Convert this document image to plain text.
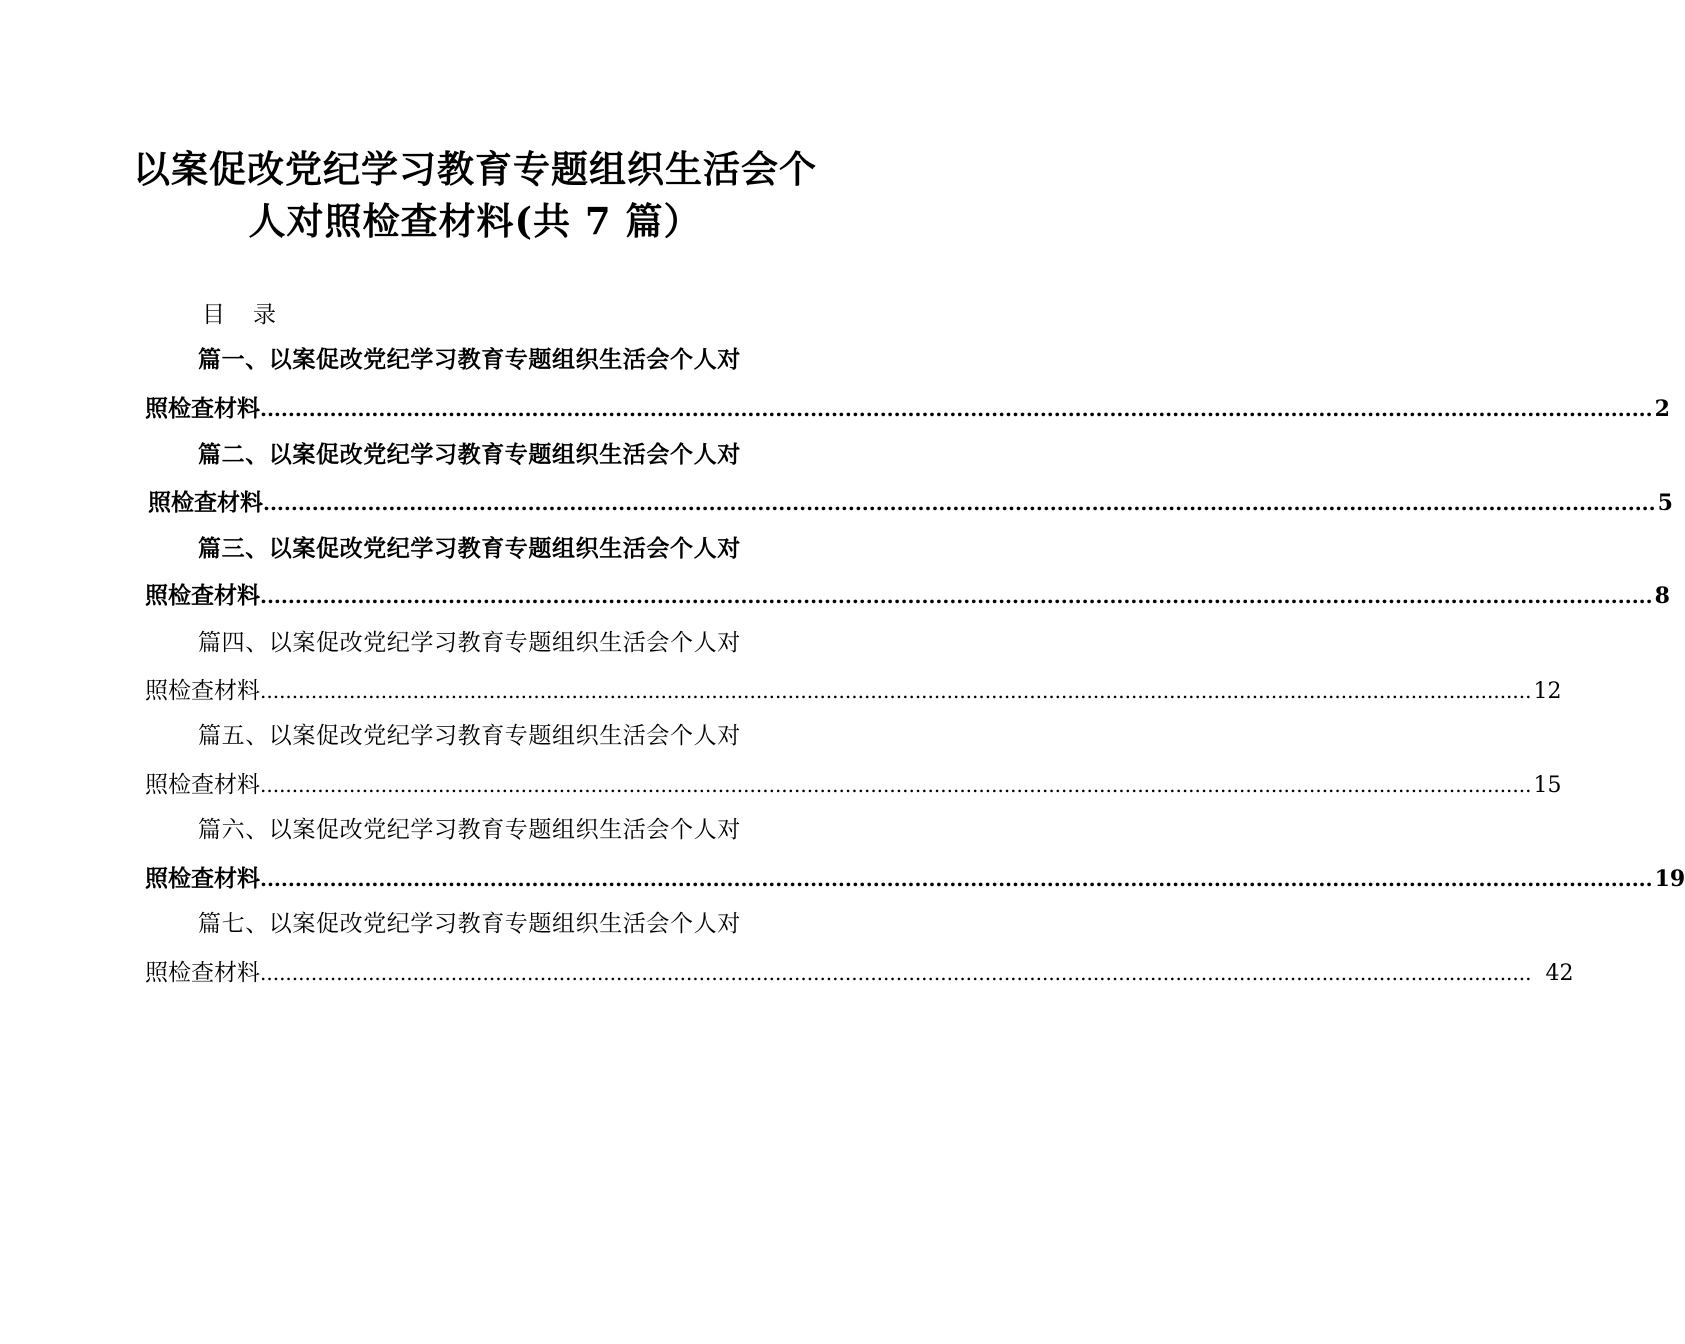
以案促改党纪学习教育专题组织生活会个
人对照检查材料(共 7 篇）
目 录
篇一、以案促改党纪学习教育专题组织生活会个人对
照检查材料 ........................................................................................................................................................................................................ 2
篇二、以案促改党纪学习教育专题组织生活会个人对
照检查材料 ........................................................................................................................................................................................................ 5
篇三、以案促改党纪学习教育专题组织生活会个人对
照检查材料 ........................................................................................................................................................................................................ 8
篇四、以案促改党纪学习教育专题组织生活会个人对
照检查材料 ........................................................................................................................................................................................................ 12
篇五、以案促改党纪学习教育专题组织生活会个人对
照检查材料 ........................................................................................................................................................................................................ 15
篇六、以案促改党纪学习教育专题组织生活会个人对
照检查材料 ........................................................................................................................................................................................................ 19
篇七、以案促改党纪学习教育专题组织生活会个人对
照检查材料 ........................................................................................................................................................................................................ 42
